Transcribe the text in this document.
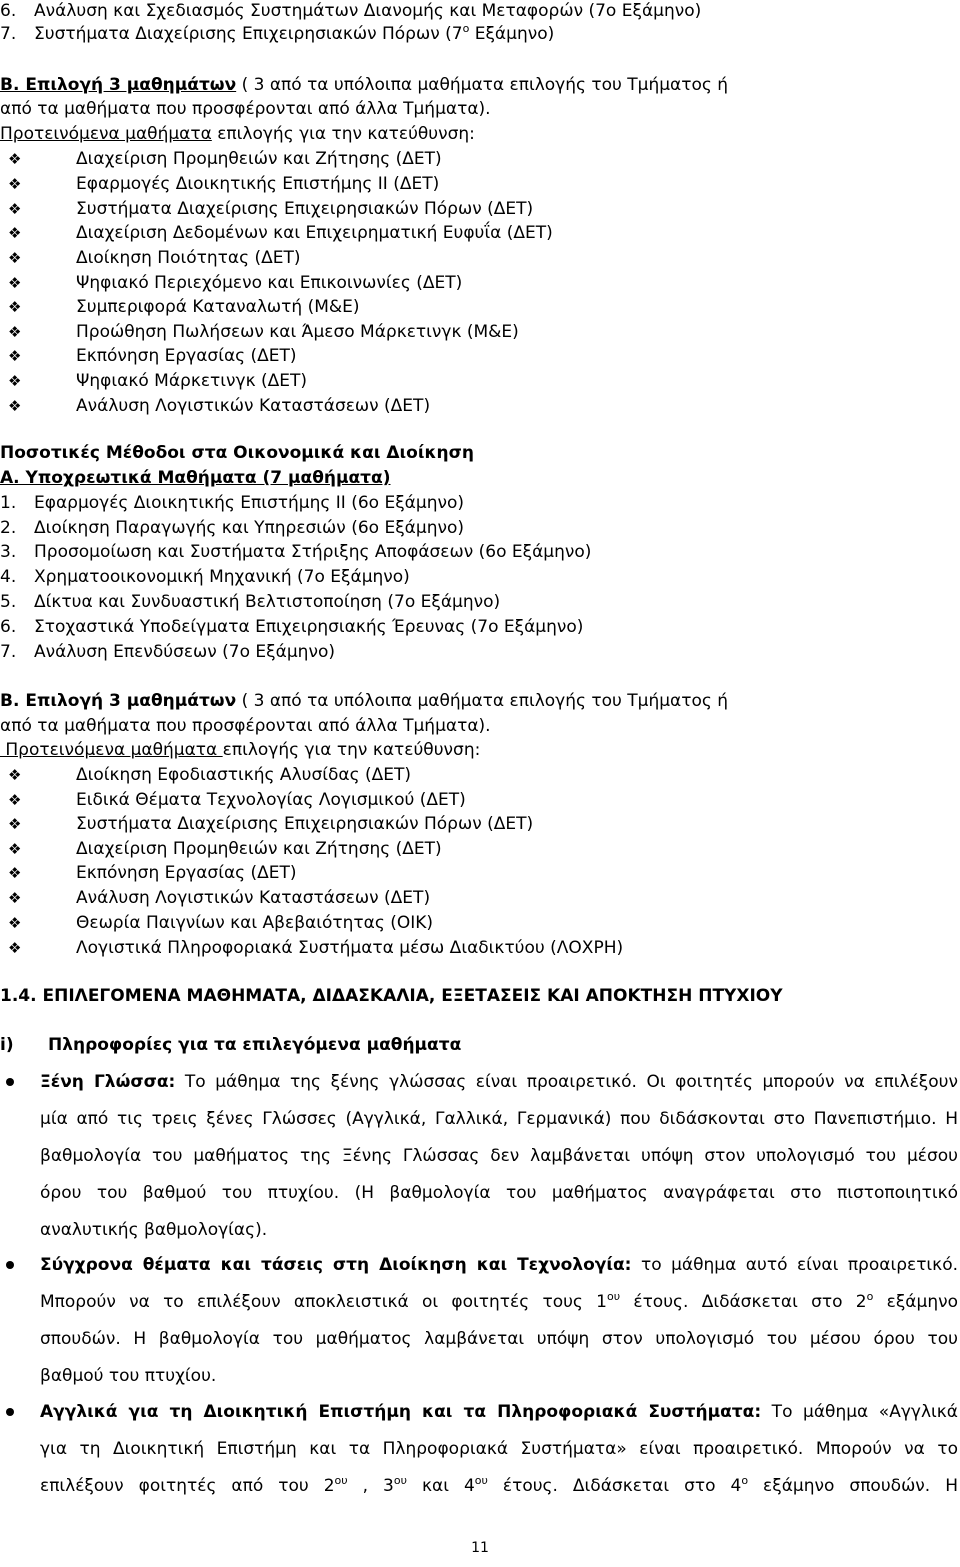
6. Ανάλυση και Σχεδιασμός Συστημάτων Διανομής και Μεταφορών (7ο Εξάμηνο)
7. Συστήματα Διαχείρισης Επιχειρησιακών Πόρων ($7^o$ Εξάμηνο)
Β. Επιλογή 3 μαθημάτων ( 3 από τα υπόλοιπα μαθήματα επιλογής του Τμήματος ή
από τα μαθήματα που προσφέρονται από άλλα Τμήματα).
Προτεινόμενα μαθήματα επιλογής για την κατεύθυνση:
❖	Διαχείριση Προμηθειών και Ζήτησης (ΔΕΤ)
❖	Εφαρμογές Διοικητικής Επιστήμης ΙΙ (ΔΕΤ)
❖	Συστήματα Διαχείρισης Επιχειρησιακών Πόρων (ΔΕΤ)
❖	Διαχείριση Δεδομένων και Επιχειρηματική Ευφυΐα (ΔΕΤ)
❖	Διοίκηση Ποιότητας (ΔΕΤ)
❖	Ψηφιακό Περιεχόμενο και Επικοινωνίες (ΔΕΤ)
❖	Συμπεριφορά Καταναλωτή (Μ&Ε)
❖	Προώθηση Πωλήσεων και Άμεσο Μάρκετινγκ (Μ&Ε)
❖	Εκπόνηση Εργασίας (ΔΕΤ)
❖	Ψηφιακό Μάρκετινγκ (ΔΕΤ)
❖	Ανάλυση Λογιστικών Καταστάσεων (ΔΕΤ)
Ποσοτικές Μέθοδοι στα Οικονομικά και Διοίκηση
Α. Υποχρεωτικά Μαθήματα (7 μαθήματα)
1. Εφαρμογές Διοικητικής Επιστήμης ΙΙ (6ο Εξάμηνο)
2. Διοίκηση Παραγωγής και Υπηρεσιών (6ο Εξάμηνο)
3. Προσομοίωση και Συστήματα Στήριξης Αποφάσεων (6ο Εξάμηνο)
4. Χρηματοοικονομική Μηχανική (7ο Εξάμηνο)
5. Δίκτυα και Συνδυαστική Βελτιστοποίηση (7ο Εξάμηνο)
6. Στοχαστικά Υποδείγματα Επιχειρησιακής Έρευνας (7ο Εξάμηνο)
7. Ανάλυση Επενδύσεων (7ο Εξάμηνο)
Β. Επιλογή 3 μαθημάτων ( 3 από τα υπόλοιπα μαθήματα επιλογής του Τμήματος ή
από τα μαθήματα που προσφέρονται από άλλα Τμήματα).
Προτεινόμενα μαθήματα επιλογής για την κατεύθυνση:
❖	Διοίκηση Εφοδιαστικής Αλυσίδας (ΔΕΤ)
❖	Ειδικά Θέματα Τεχνολογίας Λογισμικού (ΔΕΤ)
❖	Συστήματα Διαχείρισης Επιχειρησιακών Πόρων (ΔΕΤ)
❖	Διαχείριση Προμηθειών και Ζήτησης (ΔΕΤ)
❖	Εκπόνηση Εργασίας (ΔΕΤ)
❖	Ανάλυση Λογιστικών Καταστάσεων (ΔΕΤ)
❖	Θεωρία Παιγνίων και Αβεβαιότητας (ΟΙΚ)
❖	Λογιστικά Πληροφοριακά Συστήματα μέσω Διαδικτύου (ΛΟΧΡΗ)
1.4. ΕΠΙΛΕΓΟΜΕΝΑ ΜΑΘΗΜΑΤΑ, ΔΙΔΑΣΚΑΛΙΑ, ΕΞΕΤΑΣΕΙΣ ΚΑΙ ΑΠΟΚΤΗΣΗ ΠΤΥΧΙΟΥ
i) Πληροφορίες για τα επιλεγόμενα μαθήματα
Ξένη Γλώσσα: Το μάθημα της ξένης γλώσσας είναι προαιρετικό. Οι φοιτητές μπορούν να επιλέξουν
μία από τις τρεις ξένες Γλώσσες (Αγγλικά, Γαλλικά, Γερμανικά) που διδάσκονται στο Πανεπιστήμιο. Η
βαθμολογία του μαθήματος της Ξένης Γλώσσας δεν λαμβάνεται υπόψη στον υπολογισμό του μέσου
όρου του βαθμού του πτυχίου. (Η βαθμολογία του μαθήματος αναγράφεται στο πιστοποιητικό
αναλυτικής βαθμολογίας).
Σύγχρονα θέματα και τάσεις στη Διοίκηση και Τεχνολογία: το μάθημα αυτό είναι προαιρετικό.
Μπορούν να το επιλέξουν αποκλειστικά οι φοιτητές τους $1^{o\upsilon}$ έτους. Διδάσκεται στο $2^o$ εξάμηνο
σπουδών. Η βαθμολογία του μαθήματος λαμβάνεται υπόψη στον υπολογισμό του μέσου όρου του
βαθμού του πτυχίου.
Αγγλικά για τη Διοικητική Επιστήμη και τα Πληροφοριακά Συστήματα: Το μάθημα «Αγγλικά
για τη Διοικητική Επιστήμη και τα Πληροφοριακά Συστήματα» είναι προαιρετικό. Μπορούν να το
επιλέξουν φοιτητές από του $2^{o\upsilon}$ , $3^{o\upsilon}$ και $4^{o\upsilon}$ έτους. Διδάσκεται στο $4^o$ εξάμηνο σπουδών. Η
11
